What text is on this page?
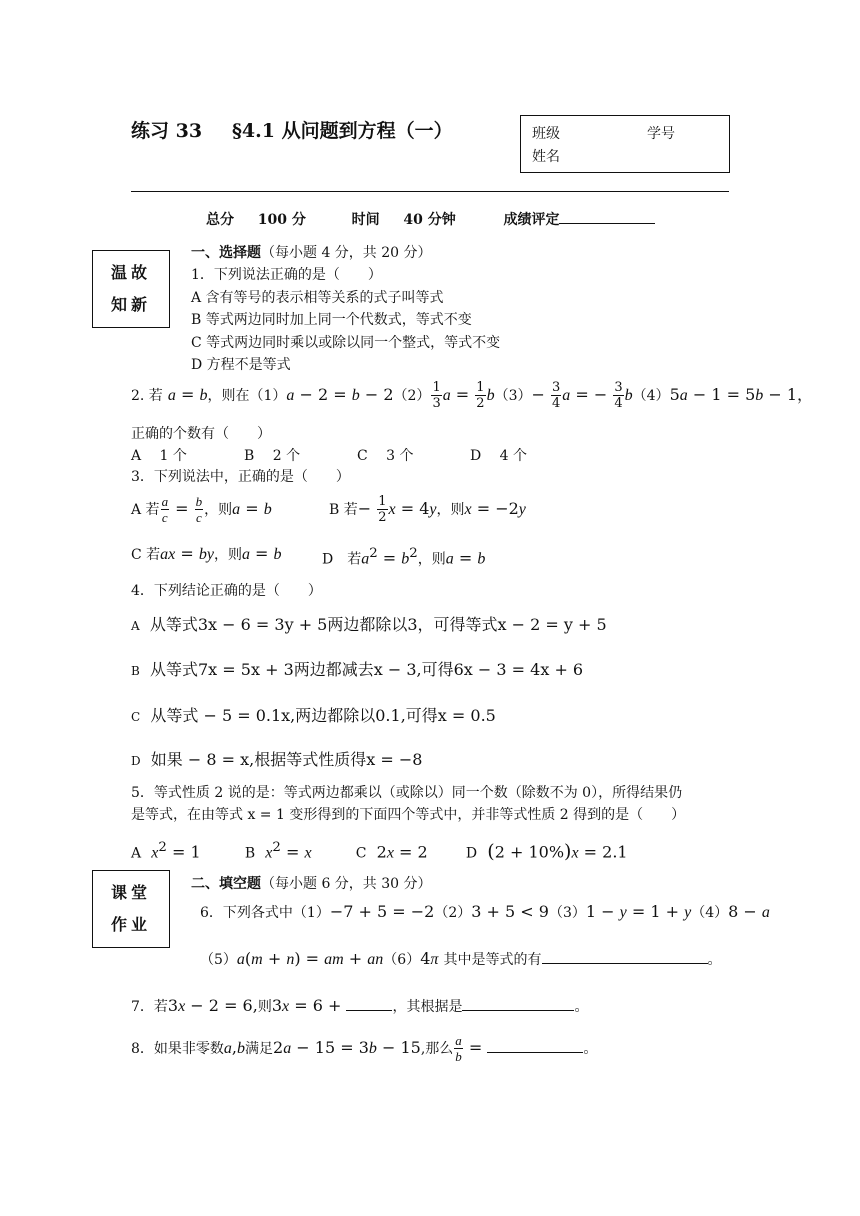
练习 33 §4.1 从问题到方程（一）	班级	学号
姓名
总分 100 分	时间 40 分钟	成绩评定
温故
知新
一、选择题（每小题 4 分，共 20 分）
1．下列说法正确的是（　　）
A 含有等号的表示相等关系的式子叫等式
B 等式两边同时加上同一个代数式，等式不变
C 等式两边同时乘以或除以同一个整式，等式不变
D 方程不是等式
2. 若 a = b，则在$(1)a - 2 = b - 2(2) \frac{1}{3}$ $a = \frac{1}{2} b(3)- \frac{3}{4}$ a = − $\frac{3}{4} b(4)5a - 1 = 5b - 1$，
正确的个数有（　　）
A　 1 个	B　 2 个	C　 3 个	D　 4 个
3．下列说法中，正确的是（　　）
A 若 $\frac{a}{c} = \frac{b}{c}$ ，则a = b	B 若− $\frac{1}{2}$ x = 4y，则x = −2y
C 若ax = by，则a = b	D　若$a^2 = b^2$，则a = b
4．下列结论正确的是（　　）
A 从等式3x − 6 = 3y + 5两边都除以3，可得等式x − 2 = y + 5
B 从等式7x = 5x + 3两边都减去x − 3,可得6x − 3 = 4x + 6
C 从等式 − 5 = 0.1x,两边都除以0.1,可得x = 0.5
D 如果 − 8 = x,根据等式性质得x = −8
5．等式性质 2 说的是：等式两边都乘以（或除以）同一个数（除数不为 0），所得结果仍
是等式，在由等式 x = 1 变形得到的下面四个等式中，并非等式性质 2 得到的是（　　）
A $x^2 = 1$	B $x^2 = x$	C  2x = 2  D (2 + 10%)x = 2.1
课堂
作业
二、填空题（每小题 6 分，共 30 分）
6．下列各式中（1）−7 + 5 = −2（2）3 + 5 < 9（3）1 − y = 1 + y（4）8 − a
（5）a(m + n) = am + an（6）4π 其中是等式的有	。
7．若3x − 2 = 6,则3x = 6 +	，其根据是	。
8．如果非零数a,b满足2a − 15 = 3b − 15,那么 $\frac{a}{b}$ =	。
